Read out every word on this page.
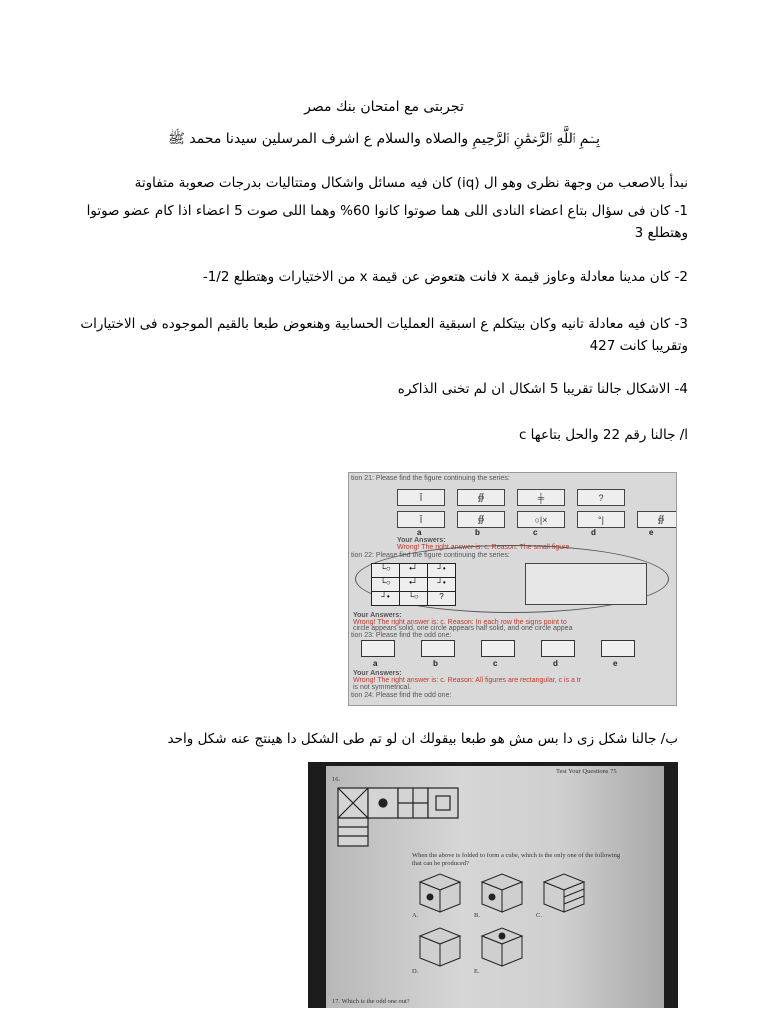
تجربتى مع امتحان بنك مصر

بِسۡمِ ٱللَّهِ ٱلرَّحۡمَٰنِ ٱلرَّحِيمِ والصلاه والسلام ع اشرف المرسلين سيدنا محمد ﷺ

نبدأ بالاصعب من وجهة نظرى وهو ال (iq) كان فيه مسائل واشكال ومتتاليات بدرجات صعوبة متفاوتة

1- كان فى سؤال بتاع اعضاء النادى اللى هما صوتوا كانوا 60% وهما اللى صوت 5 اعضاء اذا كام عضو صوتوا وهتطلع 3

2- كان مدينا معادلة وعاوز قيمة x فانت هتعوض عن قيمة x من الاختيارات وهتطلع 1/2-

3- كان فيه معادلة تانيه وكان بيتكلم ع اسبقية العمليات الحسابية وهنعوض طبعا بالقيم الموجوده فى الاختيارات وتقريبا كانت 427

4- الاشكال جالنا تقريبا 5 اشكال ان لم تخنى الذاكره

ا/ جالنا رقم 22 والحل بتاعها c

tion 21: Please find the figure continuing the series:
Ĭ	∯	╪	?
Ĭ	∯	○|×	°|	∯
a	b	c	d	e
Your Answers:
Wrong! The right answer is: c. Reason: The small figure
tion 22: Please find the figure continuing the series:
└○	•┘	┘•
└○	•┘	┘•
┘•	└○	?
Your Answers:
Wrong! The right answer is: c. Reason: In each row the signs point to
circle appears solid, one circle appears half solid, and one circle appea
tion 23: Please find the odd one:
a	b	c	d	e
Your Answers:
Wrong! The right answer is: c. Reason: All figures are rectangular, c is a tr
is not symmetrical.
tion 24: Please find the odd one:

ب/ جالنا شكل زى دا بس مش هو طبعا بيقولك ان لو تم طى الشكل دا هينتج عنه شكل واحد

Test Your Questions 75
16.
When the above is folded to form a cube, which is the only one of the following
that can be produced?
A.	B.	C.
D.	E.
17. Which is the odd one out?
